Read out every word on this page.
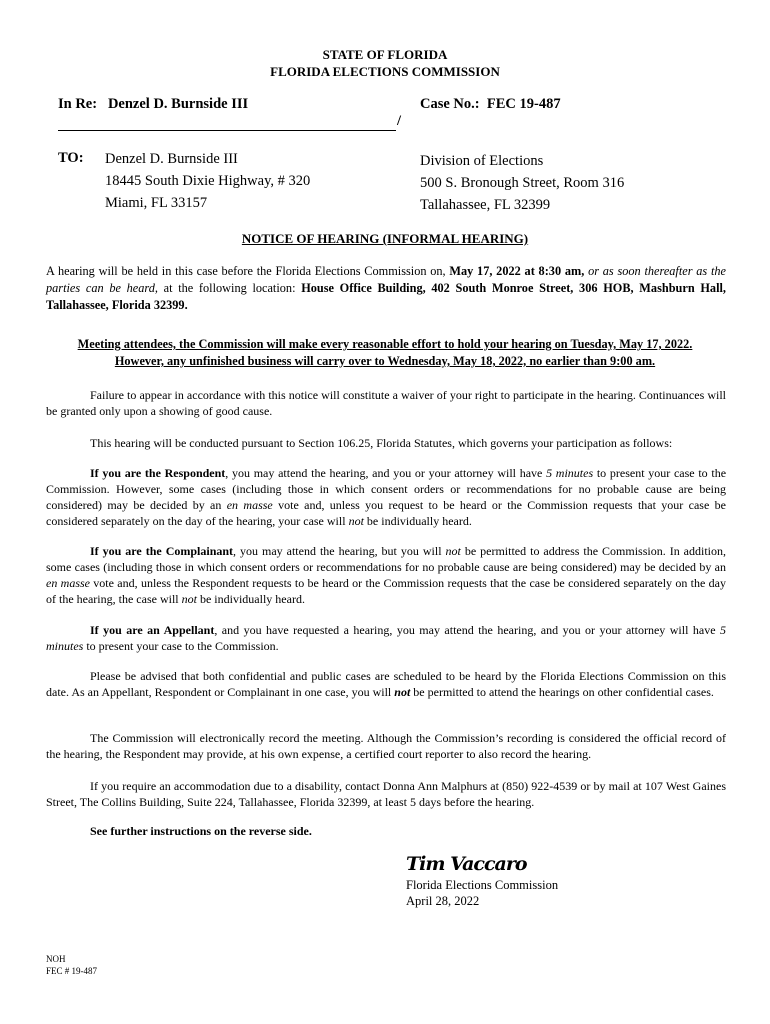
STATE OF FLORIDA
FLORIDA ELECTIONS COMMISSION
In Re: Denzel D. Burnside III	Case No.: FEC 19-487
/
TO: Denzel D. Burnside III
18445 South Dixie Highway, # 320
Miami, FL 33157
Division of Elections
500 S. Bronough Street, Room 316
Tallahassee, FL 32399
NOTICE OF HEARING (INFORMAL HEARING)
A hearing will be held in this case before the Florida Elections Commission on, May 17, 2022 at 8:30 am, or as soon thereafter as the parties can be heard, at the following location: House Office Building, 402 South Monroe Street, 306 HOB, Mashburn Hall, Tallahassee, Florida 32399.
Meeting attendees, the Commission will make every reasonable effort to hold your hearing on Tuesday, May 17, 2022.
However, any unfinished business will carry over to Wednesday, May 18, 2022, no earlier than 9:00 am.
Failure to appear in accordance with this notice will constitute a waiver of your right to participate in the hearing. Continuances will be granted only upon a showing of good cause.
This hearing will be conducted pursuant to Section 106.25, Florida Statutes, which governs your participation as follows:
If you are the Respondent, you may attend the hearing, and you or your attorney will have 5 minutes to present your case to the Commission. However, some cases (including those in which consent orders or recommendations for no probable cause are being considered) may be decided by an en masse vote and, unless you request to be heard or the Commission requests that your case be considered separately on the day of the hearing, your case will not be individually heard.
If you are the Complainant, you may attend the hearing, but you will not be permitted to address the Commission. In addition, some cases (including those in which consent orders or recommendations for no probable cause are being considered) may be decided by an en masse vote and, unless the Respondent requests to be heard or the Commission requests that the case be considered separately on the day of the hearing, the case will not be individually heard.
If you are an Appellant, and you have requested a hearing, you may attend the hearing, and you or your attorney will have 5 minutes to present your case to the Commission.
Please be advised that both confidential and public cases are scheduled to be heard by the Florida Elections Commission on this date. As an Appellant, Respondent or Complainant in one case, you will not be permitted to attend the hearings on other confidential cases.
The Commission will electronically record the meeting. Although the Commission’s recording is considered the official record of the hearing, the Respondent may provide, at his own expense, a certified court reporter to also record the hearing.
If you require an accommodation due to a disability, contact Donna Ann Malphurs at (850) 922-4539 or by mail at 107 West Gaines Street, The Collins Building, Suite 224, Tallahassee, Florida 32399, at least 5 days before the hearing.
See further instructions on the reverse side.
Tim Vaccaro
Florida Elections Commission
April 28, 2022
NOH
FEC # 19-487
